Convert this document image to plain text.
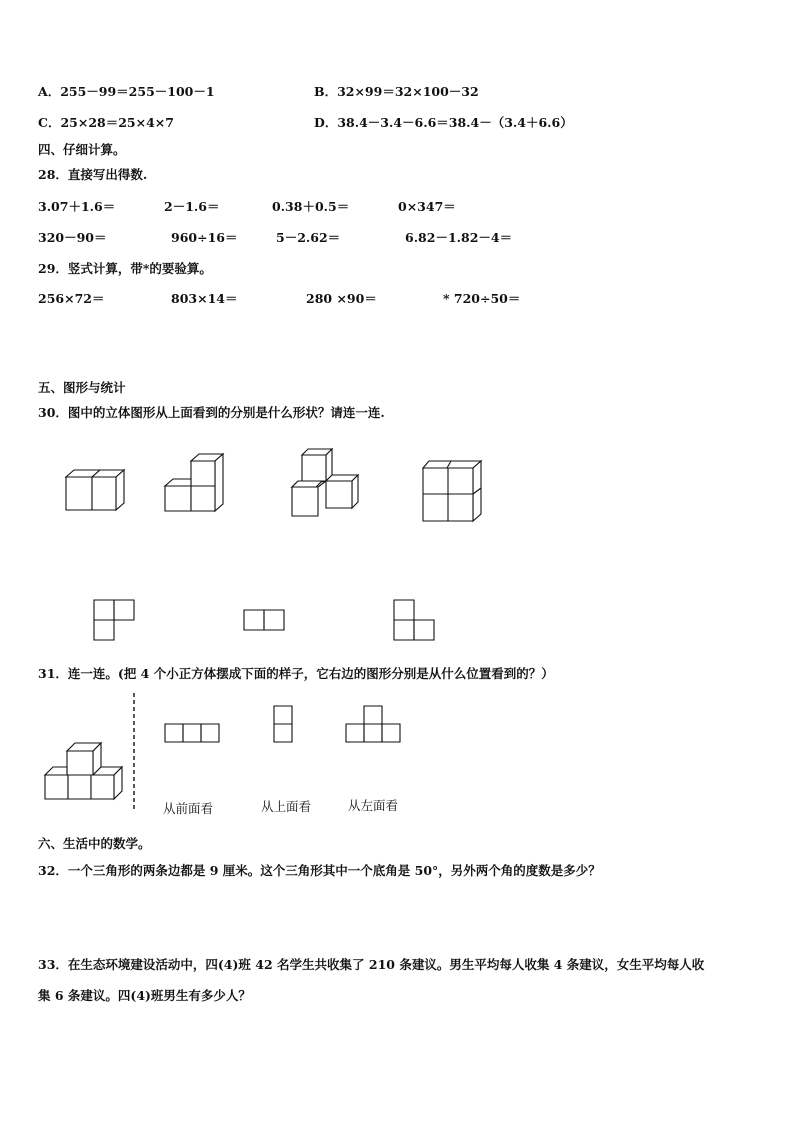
A．255－99＝255－100－1	B．32×99＝32×100－32
C．25×28＝25×4×7	D．38.4－3.4－6.6＝38.4－（3.4＋6.6）
四、仔细计算。
28．直接写出得数.
3.07＋1.6＝	2－1.6＝	0.38＋0.5＝	0×347＝
320－90＝	960÷16＝	5－2.62＝	6.82－1.82－4＝
29．竖式计算，带*的要验算。
256×72＝	803×14＝	280 ×90＝	* 720÷50＝
五、图形与统计
30．图中的立体图形从上面看到的分别是什么形状？请连一连.
31．连一连。(把 4 个小正方体摆成下面的样子，它右边的图形分别是从什么位置看到的？）
从前面看	从上面看	从左面看
六、生活中的数学。
32．一个三角形的两条边都是 9 厘米。这个三角形其中一个底角是 50°，另外两个角的度数是多少？
33．在生态环境建设活动中，四(4)班 42 名学生共收集了 210 条建议。男生平均每人收集 4 条建议，女生平均每人收
集 6 条建议。四(4)班男生有多少人？
